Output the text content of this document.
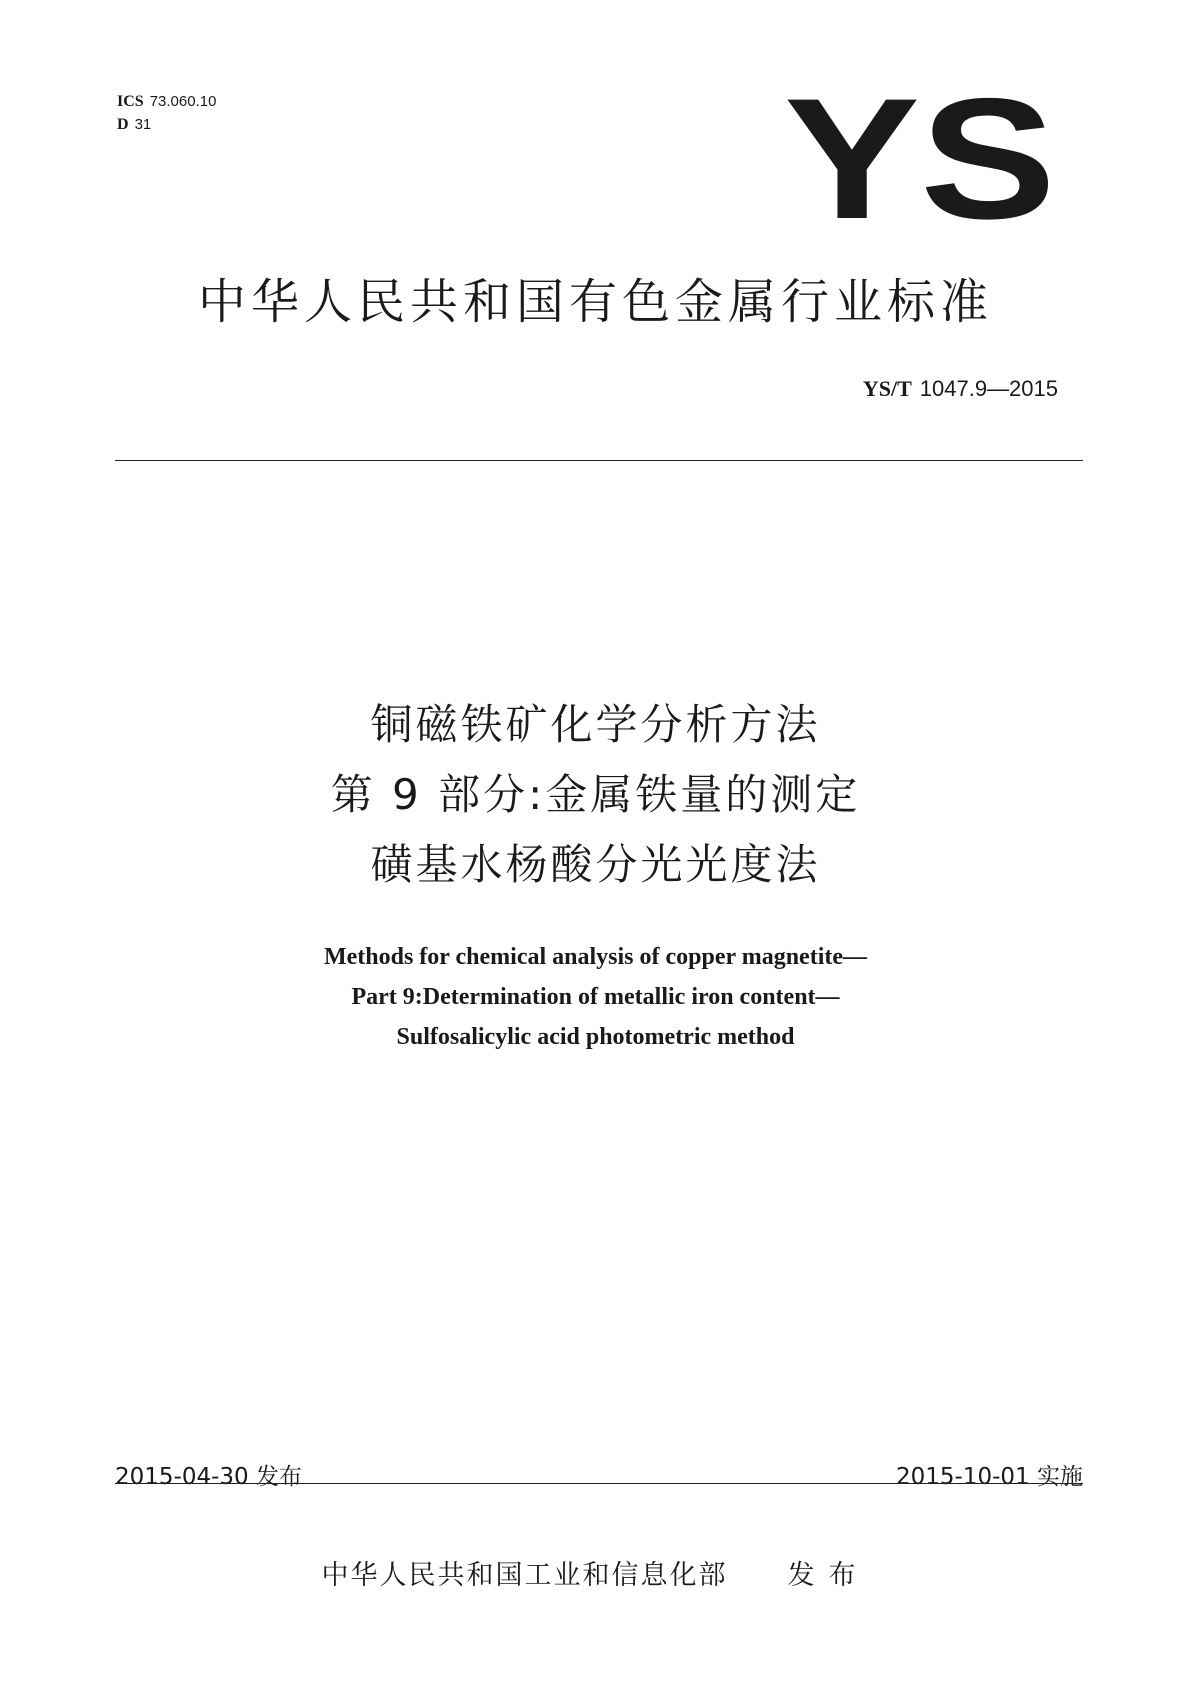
ICS 73.060.10
D 31	YS
中华人民共和国有色金属行业标准
YS/T 1047.9—2015
铜磁铁矿化学分析方法
第 9 部分:金属铁量的测定
磺基水杨酸分光光度法
Methods for chemical analysis of copper magnetite—
Part 9:Determination of metallic iron content—
Sulfosalicylic acid photometric method
2015-04-30 发布	2015-10-01 实施
中华人民共和国工业和信息化部 发布
